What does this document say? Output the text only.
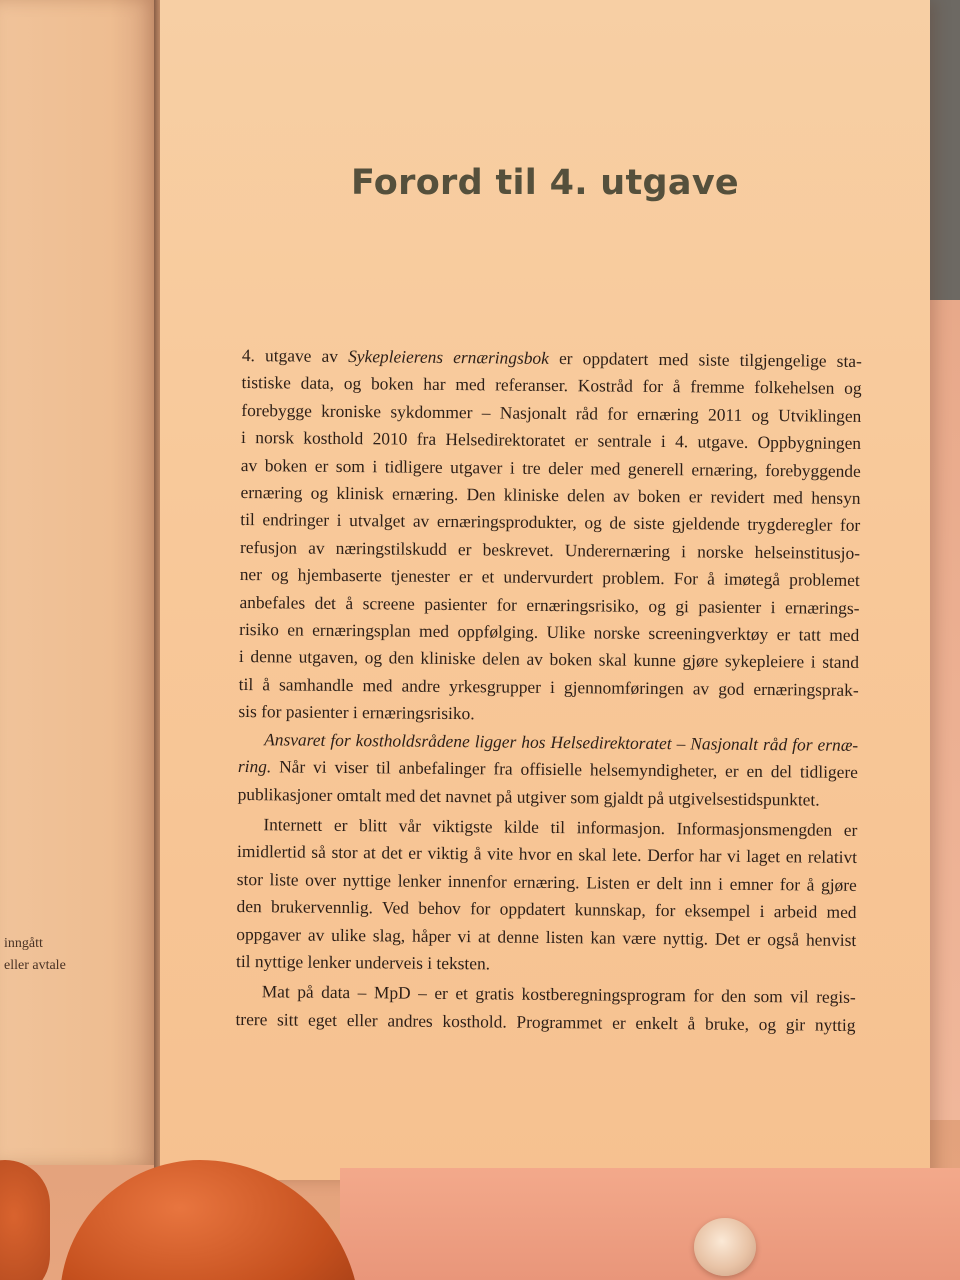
inngått
eller avtale
Forord til 4. utgave
4. utgave av Sykepleierens ernæringsbok er oppdatert med siste tilgjengelige sta-
tistiske data, og boken har med referanser. Kostråd for å fremme folkehelsen og
forebygge kroniske sykdommer – Nasjonalt råd for ernæring 2011 og Utviklingen
i norsk kosthold 2010 fra Helsedirektoratet er sentrale i 4. utgave. Oppbygningen
av boken er som i tidligere utgaver i tre deler med generell ernæring, forebyggende
ernæring og klinisk ernæring. Den kliniske delen av boken er revidert med hensyn
til endringer i utvalget av ernæringsprodukter, og de siste gjeldende trygderegler for
refusjon av næringstilskudd er beskrevet. Underernæring i norske helseinstitusjo-
ner og hjembaserte tjenester er et undervurdert problem. For å imøtegå problemet
anbefales det å screene pasienter for ernæringsrisiko, og gi pasienter i ernærings-
risiko en ernæringsplan med oppfølging. Ulike norske screeningverktøy er tatt med
i denne utgaven, og den kliniske delen av boken skal kunne gjøre sykepleiere i stand
til å samhandle med andre yrkesgrupper i gjennomføringen av god ernæringsprak-
sis for pasienter i ernæringsrisiko.
Ansvaret for kostholdsrådene ligger hos Helsedirektoratet – Nasjonalt råd for ernæ-
ring. Når vi viser til anbefalinger fra offisielle helsemyndigheter, er en del tidligere
publikasjoner omtalt med det navnet på utgiver som gjaldt på utgivelsestidspunktet.
Internett er blitt vår viktigste kilde til informasjon. Informasjonsmengden er
imidlertid så stor at det er viktig å vite hvor en skal lete. Derfor har vi laget en relativt
stor liste over nyttige lenker innenfor ernæring. Listen er delt inn i emner for å gjøre
den brukervennlig. Ved behov for oppdatert kunnskap, for eksempel i arbeid med
oppgaver av ulike slag, håper vi at denne listen kan være nyttig. Det er også henvist
til nyttige lenker underveis i teksten.
Mat på data – MpD – er et gratis kostberegningsprogram for den som vil regis-
trere sitt eget eller andres kosthold. Programmet er enkelt å bruke, og gir nyttig
